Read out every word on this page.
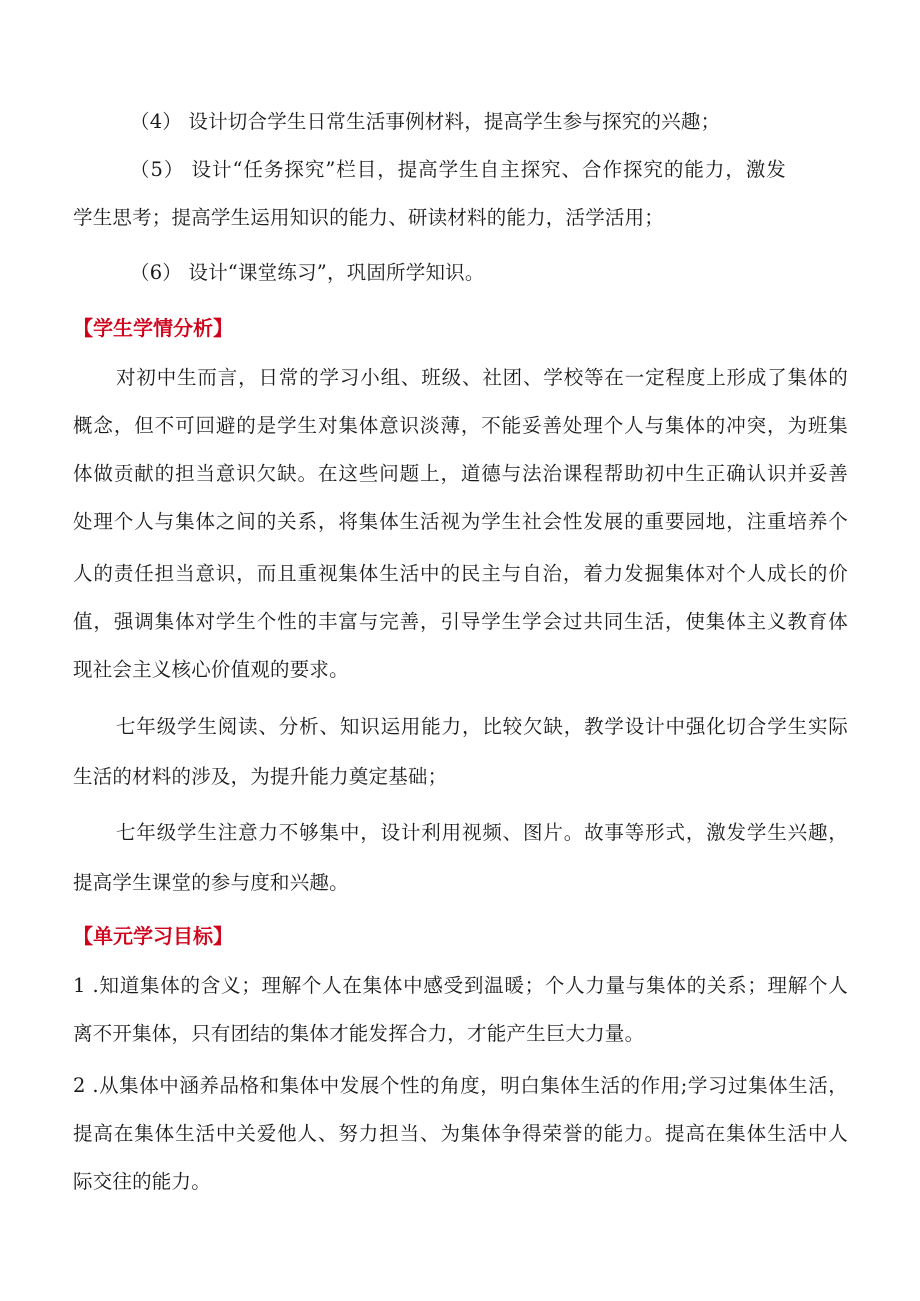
（4） 设计切合学生日常生活事例材料，提高学生参与探究的兴趣；
（5） 设计“任务探究”栏目，提高学生自主探究、合作探究的能力，激发
学生思考；提高学生运用知识的能力、研读材料的能力，活学活用；
（6） 设计“课堂练习”，巩固所学知识。
【学生学情分析】
对初中生而言，日常的学习小组、班级、社团、学校等在一定程度上形成了集体的
概念，但不可回避的是学生对集体意识淡薄，不能妥善处理个人与集体的冲突，为班集
体做贡献的担当意识欠缺。在这些问题上，道德与法治课程帮助初中生正确认识并妥善
处理个人与集体之间的关系，将集体生活视为学生社会性发展的重要园地，注重培养个
人的责任担当意识，而且重视集体生活中的民主与自治，着力发掘集体对个人成长的价
值，强调集体对学生个性的丰富与完善，引导学生学会过共同生活，使集体主义教育体
现社会主义核心价值观的要求。
七年级学生阅读、分析、知识运用能力，比较欠缺，教学设计中强化切合学生实际
生活的材料的涉及，为提升能力奠定基础；
七年级学生注意力不够集中，设计利用视频、图片。故事等形式，激发学生兴趣，
提高学生课堂的参与度和兴趣。
【单元学习目标】
1 .知道集体的含义；理解个人在集体中感受到温暖；个人力量与集体的关系；理解个人
离不开集体，只有团结的集体才能发挥合力，才能产生巨大力量。
2 .从集体中涵养品格和集体中发展个性的角度，明白集体生活的作用;学习过集体生活，
提高在集体生活中关爱他人、努力担当、为集体争得荣誉的能力。提高在集体生活中人
际交往的能力。
